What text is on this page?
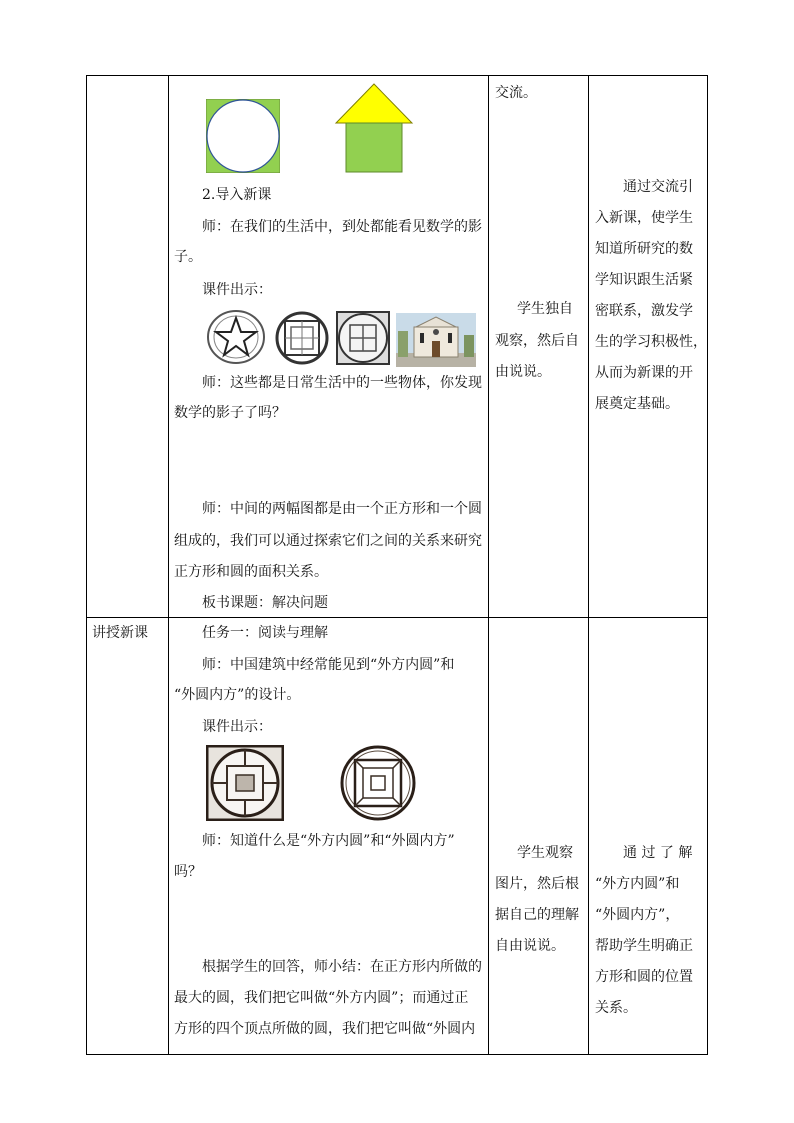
讲授新课
2.导入新课
师：在我们的生活中，到处都能看见数学的影
子。
课件出示：
师：这些都是日常生活中的一些物体，你发现
数学的影子了吗？
师：中间的两幅图都是由一个正方形和一个圆
组成的，我们可以通过探索它们之间的关系来研究
正方形和圆的面积关系。
板书课题：解决问题
任务一：阅读与理解
师：中国建筑中经常能见到“外方内圆”和
“外圆内方”的设计。
课件出示：
师：知道什么是“外方内圆”和“外圆内方”
吗？
根据学生的回答，师小结：在正方形内所做的
最大的圆，我们把它叫做“外方内圆”；而通过正
方形的四个顶点所做的圆，我们把它叫做“外圆内
交流。
学生独自
观察，然后自
由说说。
学生观察
图片，然后根
据自己的理解
自由说说。
通过交流引
入新课，使学生
知道所研究的数
学知识跟生活紧
密联系，激发学
生的学习积极性，
从而为新课的开
展奠定基础。
通 过 了 解
“外方内圆”和
“外圆内方”，
帮助学生明确正
方形和圆的位置
关系。
